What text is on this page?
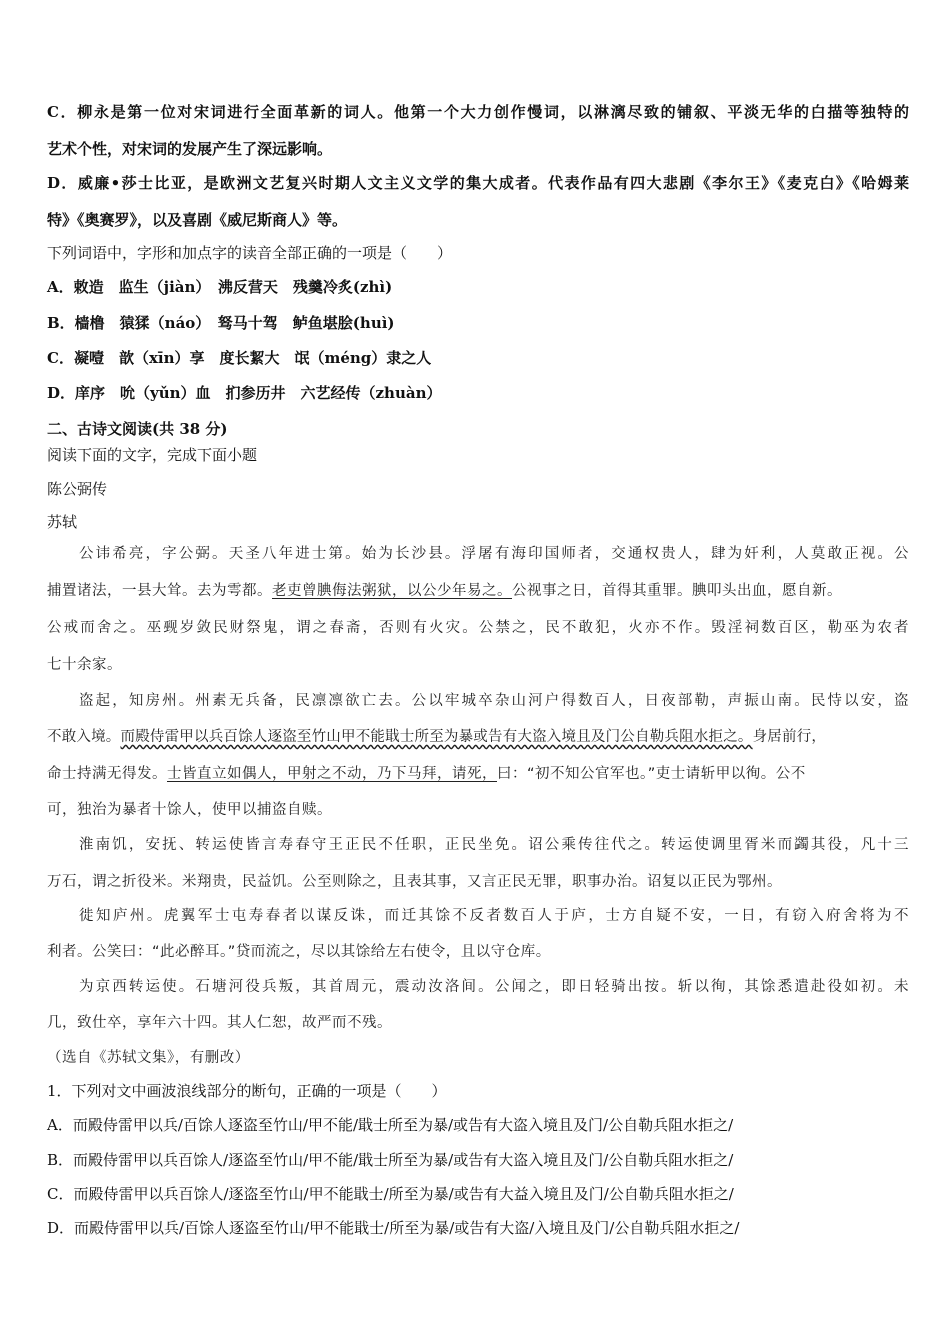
C．柳永是第一位对宋词进行全面革新的词人。他第一个大力创作慢词，以淋漓尽致的铺叙、平淡无华的白描等独特的
艺术个性，对宋词的发展产生了深远影响。
D．威廉•莎士比亚，是欧洲文艺复兴时期人文主义文学的集大成者。代表作品有四大悲剧《李尔王》《麦克白》《哈姆莱
特》《奥赛罗》，以及喜剧《威尼斯商人》等。
下列词语中，字形和加点字的读音全部正确的一项是（　　）
A．敕造　监生（jiàn）　沸反营天　残羹冷炙(zhì)
B．樯橹　猿猱（náo）　驽马十驾　鲈鱼堪脍(huì)
C．凝噎　歆（xīn）享　度长絜大　氓（méng）隶之人
D．庠序　吮（yǔn）血　扪参历井　六艺经传（zhuàn）
二、古诗文阅读(共 38 分)
阅读下面的文字，完成下面小题
陈公弼传
苏轼
公讳希亮，字公弼。天圣八年进士第。始为长沙县。浮屠有海印国师者，交通权贵人，肆为奸利，人莫敢正视。公
捕置诸法，一县大耸。去为雩都。老吏曾腆侮法粥狱，以公少年易之。公视事之日，首得其重罪。腆叩头出血，愿自新。
公戒而舍之。巫觋岁敛民财祭鬼，谓之春斋，否则有火灾。公禁之，民不敢犯，火亦不作。毁淫祠数百区，勒巫为农者
七十余家。
盗起，知房州。州素无兵备，民凛凛欲亡去。公以牢城卒杂山河户得数百人，日夜部勒，声振山南。民恃以安，盗
不敢入境。而殿侍雷甲以兵百馀人逐盗至竹山甲不能戢士所至为暴或告有大盗入境且及门公自勒兵阻水拒之。身居前行，
命士持满无得发。士皆直立如偶人，甲射之不动，乃下马拜，请死，曰：“初不知公官军也。”吏士请斩甲以徇。公不
可，独治为暴者十馀人，使甲以捕盗自赎。
淮南饥，安抚、转运使皆言寿春守王正民不任职，正民坐免。诏公乘传往代之。转运使调里胥米而蠲其役，凡十三
万石，谓之折役米。米翔贵，民益饥。公至则除之，且表其事，又言正民无罪，职事办治。诏复以正民为鄂州。
徙知庐州。虎翼军士屯寿春者以谋反诛，而迁其馀不反者数百人于庐，士方自疑不安，一日，有窃入府舍将为不
利者。公笑曰：“此必醉耳。”贷而流之，尽以其馀给左右使令，且以守仓库。
为京西转运使。石塘河役兵叛，其首周元，震动汝洛间。公闻之，即日轻骑出按。斩以徇，其馀悉遣赴役如初。未
几，致仕卒，享年六十四。其人仁恕，故严而不残。
（选自《苏轼文集》，有删改）
1．下列对文中画波浪线部分的断句，正确的一项是（　　）
A．而殿侍雷甲以兵/百馀人逐盗至竹山/甲不能/戢士所至为暴/或告有大盗入境且及门/公自勒兵阻水拒之/
B．而殿侍雷甲以兵百馀人/逐盗至竹山/甲不能/戢士所至为暴/或告有大盗入境且及门/公自勒兵阻水拒之/
C．而殿侍雷甲以兵百馀人/逐盗至竹山/甲不能戢士/所至为暴/或告有大益入境且及门/公自勒兵阻水拒之/
D．而殿侍雷甲以兵/百馀人逐盗至竹山/甲不能戢士/所至为暴/或告有大盗/入境且及门/公自勒兵阻水拒之/
